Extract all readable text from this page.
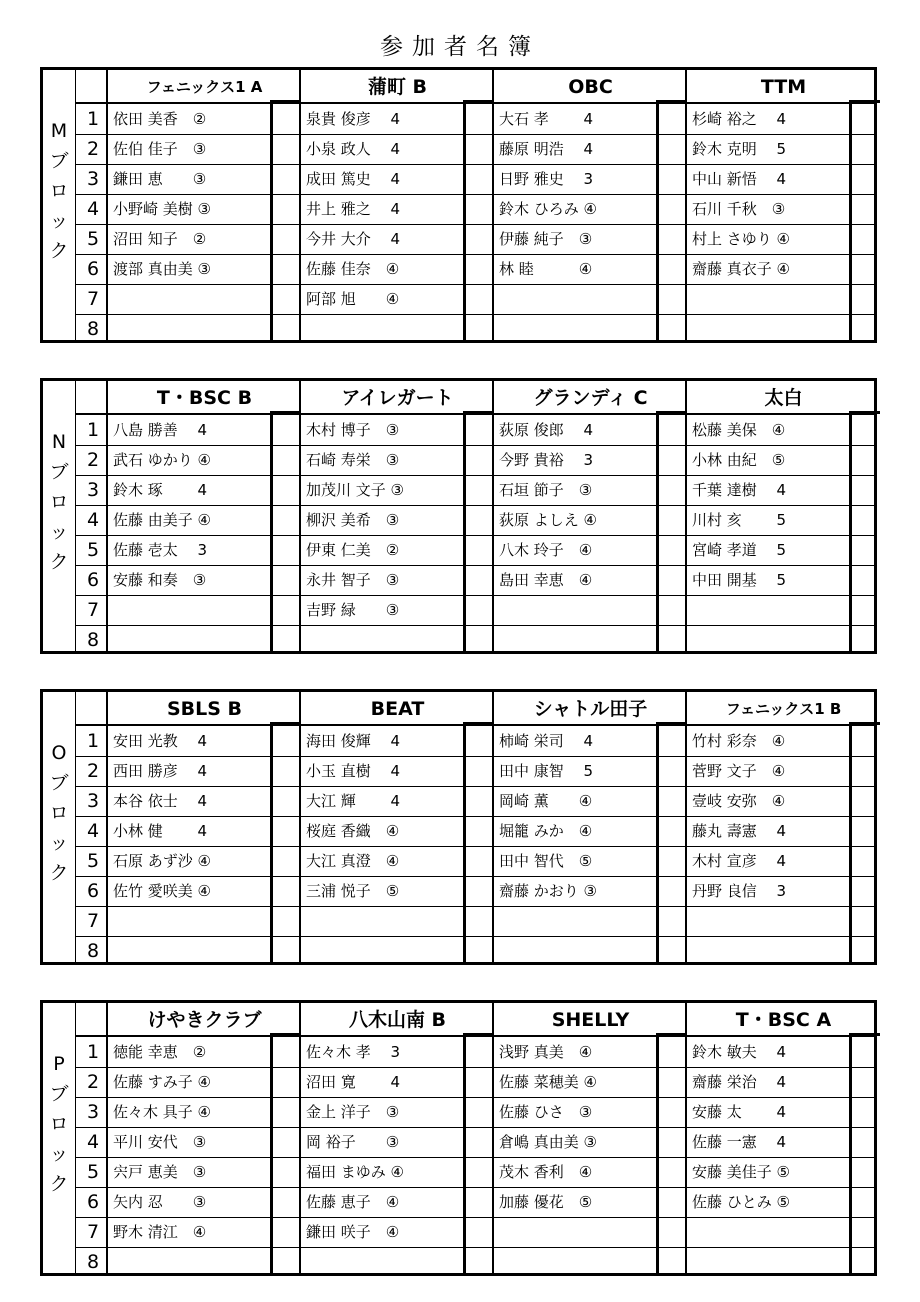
参加者名簿
M
ブ
ロ
ッ
ク
1
2
3
4
5
6
7
8
フェニックス1 A
依田 美香　②
佐伯 佳子　③
鎌田 恵　　③
小野崎 美樹 ③
沼田 知子　②
渡部 真由美 ③
蒲町 B
泉貴 俊彦　 4
小泉 政人　 4
成田 篤史　 4
井上 雅之　 4
今井 大介　 4
佐藤 佳奈　④
阿部 旭　　④
OBC
大石 孝　　 4
藤原 明浩　 4
日野 雅史　 3
鈴木 ひろみ ④
伊藤 純子　③
林 睦　　　④
TTM
杉崎 裕之　 4
鈴木 克明　 5
中山 新悟　 4
石川 千秋　③
村上 さゆり ④
齋藤 真衣子 ④
N
ブ
ロ
ッ
ク
1
2
3
4
5
6
7
8
T・BSC B
八島 勝善　 4
武石 ゆかり ④
鈴木 琢　　 4
佐藤 由美子 ④
佐藤 壱太　 3
安藤 和奏　③
アイレガート
木村 博子　③
石崎 寿栄　③
加茂川 文子 ③
柳沢 美希　③
伊東 仁美　②
永井 智子　③
吉野 緑　　③
グランディ C
荻原 俊郎　 4
今野 貴裕　 3
石垣 節子　③
荻原 よしえ ④
八木 玲子　④
島田 幸恵　④
太白
松藤 美保　④
小林 由紀　⑤
千葉 達樹　 4
川村 亥　　 5
宮崎 孝道　 5
中田 開基　 5
O
ブ
ロ
ッ
ク
1
2
3
4
5
6
7
8
SBLS B
安田 光教　 4
西田 勝彦　 4
本谷 依士　 4
小林 健　　 4
石原 あず沙 ④
佐竹 愛咲美 ④
BEAT
海田 俊輝　 4
小玉 直樹　 4
大江 輝　　 4
桜庭 香織　④
大江 真澄　④
三浦 悦子　⑤
シャトル田子
柿崎 栄司　 4
田中 康智　 5
岡崎 薫　　④
堀籠 みか　④
田中 智代　⑤
齋藤 かおり ③
フェニックス1 B
竹村 彩奈　④
菅野 文子　④
壹岐 安弥　④
藤丸 壽憲　 4
木村 宣彦　 4
丹野 良信　 3
P
ブ
ロ
ッ
ク
1
2
3
4
5
6
7
8
けやきクラブ
徳能 幸恵　②
佐藤 すみ子 ④
佐々木 具子 ④
平川 安代　③
宍戸 恵美　③
矢内 忍　　③
野木 清江　④
八木山南 B
佐々木 孝　 3
沼田 寛　　 4
金上 洋子　③
岡 裕子　　③
福田 まゆみ ④
佐藤 恵子　④
鎌田 咲子　④
SHELLY
浅野 真美　④
佐藤 菜穂美 ④
佐藤 ひさ　③
倉嶋 真由美 ③
茂木 香利　④
加藤 優花　⑤
T・BSC A
鈴木 敏夫　 4
齋藤 栄治　 4
安藤 太　　 4
佐藤 一憲　 4
安藤 美佳子 ⑤
佐藤 ひとみ ⑤
